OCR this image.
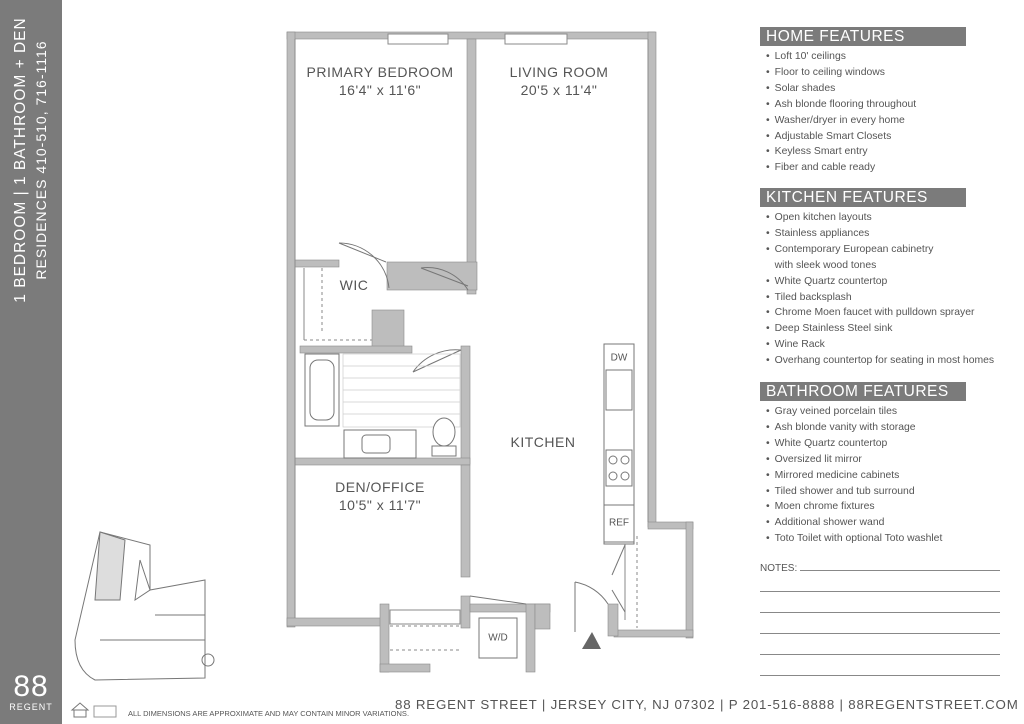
1 BEDROOM | 1 BATHROOM + DEN RESIDENCES 410-510, 716-1116
88
REGENT
PRIMARY BEDROOM
16'4" x 11'6"
LIVING ROOM
20'5 x 11'4"
WIC
KITCHEN
DEN/OFFICE
10'5" x 11'7"
DW
REF
W/D
HOME FEATURES
• Loft 10' ceilings
• Floor to ceiling windows
• Solar shades
• Ash blonde flooring throughout
• Washer/dryer in every home
• Adjustable Smart Closets
• Keyless Smart entry
• Fiber and cable ready
KITCHEN FEATURES
• Open kitchen layouts
• Stainless appliances
• Contemporary European cabinetry
with sleek wood tones
• White Quartz countertop
• Tiled backsplash
• Chrome Moen faucet with pulldown sprayer
• Deep Stainless Steel sink
• Wine Rack
• Overhang countertop for seating in most homes
BATHROOM FEATURES
• Gray veined porcelain tiles
• Ash blonde vanity with storage
• White Quartz countertop
• Oversized lit mirror
• Mirrored medicine cabinets
• Tiled shower and tub surround
• Moen chrome fixtures
• Additional shower wand
• Toto Toilet with optional Toto washlet
NOTES:
ALL DIMENSIONS ARE APPROXIMATE AND MAY CONTAIN MINOR VARIATIONS.
88 REGENT STREET | JERSEY CITY, NJ 07302 | P 201-516-8888 | 88REGENTSTREET.COM
